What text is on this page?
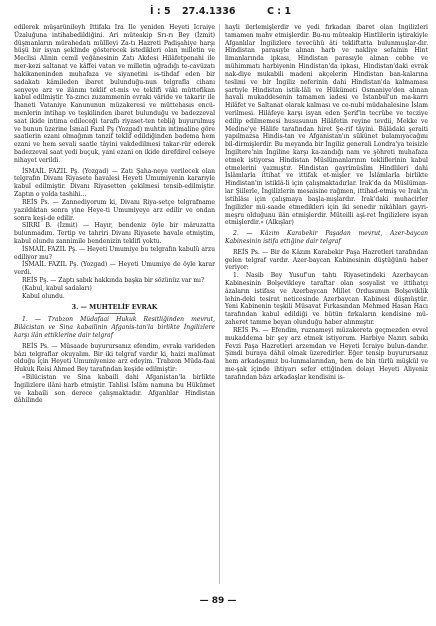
İ : 5 27.4.1336	C : 1

edilerek müşarünileyh İttifakı İra İle yeniden Heyeti İcraiye Üzaluğuna intihabedildiğini. Ari müteakip Srı-rı Bey (İzmit) düşmanların mürahedatı müllleyi Za-tı Hazreti Padişahiye harşı hüşü bir isyan şeklinde gösterecek istedikleri olan milletin ve Meclisi Alinin cemil yeğânesinin Zatı Akdesi Hilâfetpenahi ile mer-kezi saltanat ve kâffei vatan ve milletin uğradığı te-cavüzatı hakikaneninden muhafaza ve siyanetini is-tihdaf eden bir sadakatı kâmileden ibaret bulunduğu-nun telgrafla cihanı senyeye arz ve ilânını teklif et-mis ve teklifi vâki müttefikan kabul edilmiştir. Ya-zıncı zuzammenin evrakı vâride ve takarir ile İhaneti Vataniye Kanununun müzakeresi ve müttehasıs encü-menlerin intihap ve teşkilinden ibaret bulunduğu ve badezzeval saat ikide intima edileceği taraflı riyaset-ten tebliğ buyurulmuş ve bunun üzerine İsmail Fazıl Pş (Yozgad) muhtin intimaline göre saatlerin ezani olmağının tanzif teklif edildiğinden badema hem ezani ve hem sevali saatle tâyini vakdedilmesi takar-rür ederek badezzeval saat yedi buçuk, yani ezani on ikide direfdirel celseye nihayet verildi.

İSMAİL FAZIL Pş. (Yozgad) — Zatı Şaha-neye verilecek olan telgrafın Divanı Riyasete havalesi Heyeti Umumiyenin kararıyle kabul edilmiştir. Divanı Riyasetten çekilmesi tensib-edilmiştir. Zaptın o yolda tashihi...

REİS Ps. — Zannediyorum ki, Divanı Riya-setçe telgrafname yazıldıktan sonra yine Heye-ti Umumiyeye arz edilir ve ondan sonra keşi-de edilir.

SIRRI B. (İzmit) — Hayır, bendeniz öyle bir mâruzatta bulunmadım. Tertip ve tahriri Divanı Riyasete havale etmiştim, kabul olundu zannimile bendenizin teklifi yoktu.

İSMAİL FAZIL Pş. — Heyeti Umumiye bu telgrafın kabulü arzu ediliyor mu?

İSMAİL FAZIL Pş. (Yozgad) — Heyeti Umumiye de öyle karar verdi.

REİS Pş. — Zaptı sabık hakkında başka bir sözünüz var mı?

(Kabul, kabul sadaları)

Kabul olundu.

3. — MUHTELİF EVRAK

1. — Trabzon Müdafaai Hukuk Resitliğinden mevrut, Bilâcistan ve Sina kabailinin Afganis-tan'la birlikte İngilizlere karşı ilân ettiklerine dair telgraf

REİS Ps. — Müsaade buyurursanız efendim, evrakı varideden bâzı telgraflar okuyalım. Bir iki telgraf vardır ki, haizi malûmat olduğu için Heyeti Umumiyenize arz edeyim. Trabzon Müda-faai Hukuk Reisi Ahmed Bey tarafından keşide edilmiştir:

«Bilücistan ve Sina kabaili dahi Afganistan'la birlikte İngilizlere ilâni harb etmiştir. Tahlisi İslâm namına bu Hükümet ve kabaili son derece çalışmaktadır. Afganlılar Hindistan dâhilinde

hayli ilerlemişlerdir ve yedi fırkadan ibaret olan İngilizleri tamamen mahv etmişlerdir. Bu-nu müteakip Hintlilerin iştirakiyle Afganlılar İngilizlere tevecühü âti tekliftatta bulunmuşlar-dır. Hindistan parasıyle alınan harb ve nakliye sefainin Hint limanlarında ipkası, Hindistan parasıyle alınan cebhe ve mühimmatı harbiyenin Hindistan'da ipkası, Hindistan'daki evrak nak-diye mukabili madeni akçelerin Hindistan ban-kalarına teslimi ve bir İngiliz neferinin dahi Hindistan'da kalmaması şartıyle Hindistan istik-lâli ve Hükümeti Osmaniye'den alınan havali mukaddesenin tamamen iadesi ve İstanbul'un ma-karrı Hilâfet ve Saltanat olarak kalması ve ce-nubi müdahalesine İslam verilmesi. Hilâfeye karşı isyan eden Şerif'in tecrübe ve tecziye edilip edilmemesi hususunun Hilâfetin reyine tevdii, Mekke ve Medine'ye Hâlife tarafından hiret Şe-rif tâyini. Bâlâdaki şeraiti yapılmazsa Hindis-tan ve Afganistan'ın sükûnet bulamıyacağını bil-dirmişlerdir. Bu meyanda bir İngiliz generali Londra'ya teisizle İngiltere'nin İngiline karşı ka-zandığı nam ve şöhreti muhafaza etmek istiyorsa Hindistan Müslümanlarının tekliflerinin kabul etmelerini yazmıştır. Hindistan gayrimüslim Hindlileri dahi İslâmlarla ittihat ve ittifak et-mişler ve İslâmlarla birlikte Hindistan'ın istiklâ-li için çalışmaktadırlar. Irak'da da Müslüman-lar Şiilerle, İngilizlerin mesaisine rağmen, ittihad-etmiş ve Irak'ın istihlâsı için çalışmaya başla-mışlardır. Irak'daki muhacirler İngilizler mü-saade etmedikleri için iki senedir nikâhları gayri-meşru olduğunu ilân etmişlerdir. Müteilli aşi-ret İngilizlere isyan etmişlerdir.» (Alkışlar)

2. — Kâzım Karabekir Paşadan mevrut, Azer-baycan Kabinesinin istifa ettiğine dair telgraf

REİS Ps. — Bir de Kâzım Karabekir Paşa Hazretleri tarafından gelen telgraf vardır. Azer-baycan Kabinesinin düştüğünü haber veriyor:

1. Nasib Bey Yusuf'un tahtı Riyasetindeki Azerbaycan Kabinesinin Bolşevikleye taraftar olan sosyalist ve ittihatçı âzaların istifası ve Azerbaycan Millet Ordusunun Bolşeviklik lehin-deki tesirat neticesinde Azerbaycan Kabinesi düşmüştür. Yeni Kabinenin teşkili Müsavat Fırkasından Mehmed Hasan Hacı tarafından kabul edildiği ve bütün fırkaların kendisine mü-zaheret tamme beyan olunduğu haber alınmıştır.

REİS Ps. — Efendim, ruznameyi müzakereta geçmezden evvel mukaddema bir şey arz etmek istiyorum. Harbiye Nazırı sabıkı Fevzi Paşa Hazretleri arzemdan ve Heyeti İcraiye bulun-dandır. Şimdi buraya dâhil olmak üzeredirler. Eğer tensip buyurursanız hem arkadaşımız bu-lunmalarından, hem de bin türlü müşkül ve me-şak içinde ihtiyarı sefer ettiğinden dolayı Heyeti Aliyeniz tarafından bâzı arkadaşlar kendisini is-

— 89 —
